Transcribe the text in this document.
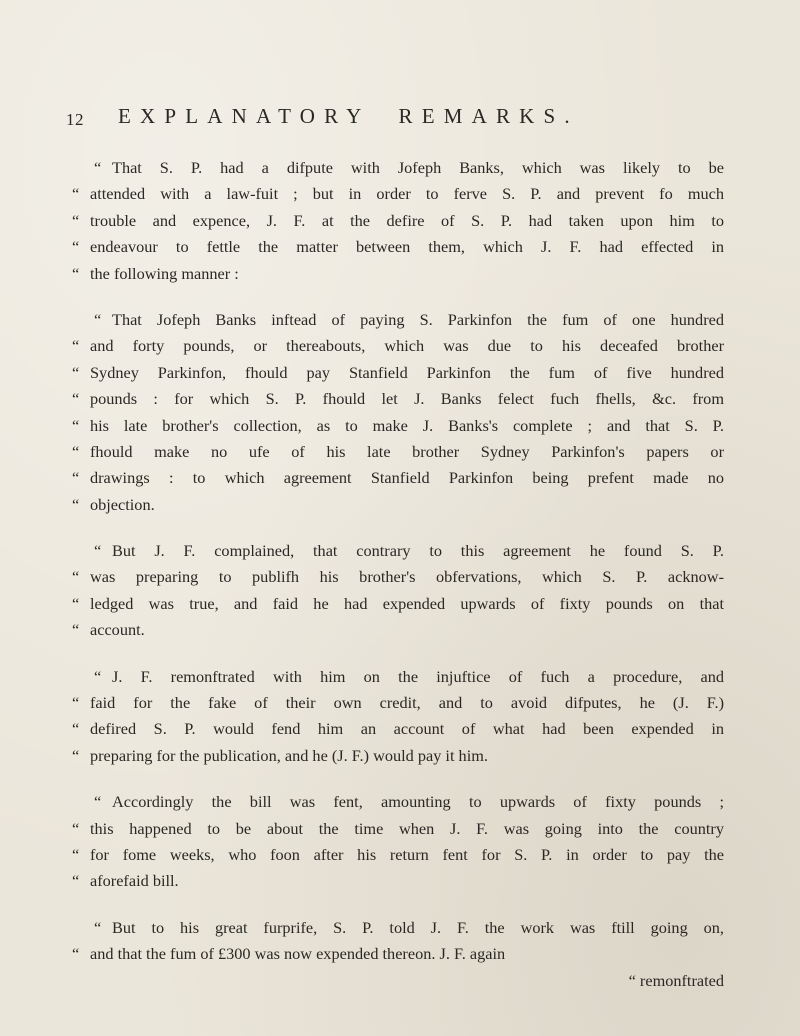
12 EXPLANATORY REMARKS.
“ That S. P. had a difpute with Jofeph Banks, which was likely to be
“ attended with a law-fuit ; but in order to ferve S. P. and prevent fo much
“ trouble and expence, J. F. at the defire of S. P. had taken upon him to
“ endeavour to fettle the matter between them, which J. F. had effected in
“ the following manner :
“ That Jofeph Banks inftead of paying S. Parkinfon the fum of one hundred
“ and forty pounds, or thereabouts, which was due to his deceafed brother
“ Sydney Parkinfon, fhould pay Stanfield Parkinfon the fum of five hundred
“ pounds : for which S. P. fhould let J. Banks felect fuch fhells, &c. from
“ his late brother's collection, as to make J. Banks's complete ; and that S. P.
“ fhould make no ufe of his late brother Sydney Parkinfon's papers or
“ drawings : to which agreement Stanfield Parkinfon being prefent made no
“ objection.
“ But J. F. complained, that contrary to this agreement he found S. P.
“ was preparing to publifh his brother's obfervations, which S. P. acknow-
“ ledged was true, and faid he had expended upwards of fixty pounds on that
“ account.
“ J. F. remonftrated with him on the injuftice of fuch a procedure, and
“ faid for the fake of their own credit, and to avoid difputes, he (J. F.)
“ defired S. P. would fend him an account of what had been expended in
“ preparing for the publication, and he (J. F.) would pay it him.
“ Accordingly the bill was fent, amounting to upwards of fixty pounds ;
“ this happened to be about the time when J. F. was going into the country
“ for fome weeks, who foon after his return fent for S. P. in order to pay the
“ aforefaid bill.
“ But to his great furprife, S. P. told J. F. the work was ftill going on,
“ and that the fum of £300 was now expended thereon. J. F. again
“ remonftrated
